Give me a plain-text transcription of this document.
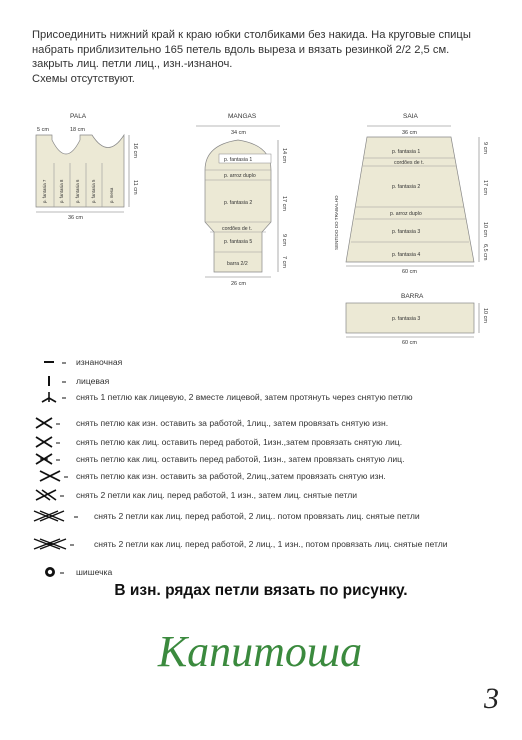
Присоединить нижний край к краю юбки столбиками без накида. На круговые спицы
набрать приблизительно 165 петель вдоль выреза и вязать резинкой 2/2 2,5 см.
закрыть лиц. петли лиц., изн.-изнаноч.
Схемы отсутствуют.
PALA
p. fantasia 7	p. fantasia 8	p. fantasia 6	p. fantasia 5	p. mesa
5 cm	18 cm
36 cm
16 cm
11 cm
MANGAS
34 cm
p. fantasia 1
p. arroz duplo
p. fantasia 2
cordões de t.
p. fantasia 5
barra 2/2
14 cm
17 cm
9 cm
7 cm
26 cm
SAIA
36 cm
p. fantasia 1
cordões de t.
p. fantasia 2
p. arroz duplo
p. fantasia 3
p. fantasia 4
SENTIDO DO TRABALHO
9 cm
17 cm
10 cm
6,5 cm
60 cm
BARRA
p. fantasia 3	10 cm
60 cm
изнаночная
лицевая
снять 1 петлю как лицевую, 2 вместе лицевой, затем протянуть через снятую петлю
снять петлю как изн. оставить за работой, 1лиц., затем провязать снятую изн.
снять петлю как лиц. оставить перед работой, 1изн.,затем провязать снятую лиц.
снять петлю как лиц. оставить перед работой, 1изн., затем провязать снятую лиц.
снять петлю как изн. оставить за работой, 2лиц.,затем провязать снятую изн.
снять 2 петли как лиц. перед работой, 1 изн., затем лиц. снятые петли
снять 2 петли как лиц. перед работой, 2 лиц.. потом провязать лиц. снятые петли
снять 2 петли как лиц. перед работой, 2 лиц., 1 изн., потом провязать лиц. снятые петли
шишечка
В изн. рядах петли вязать по рисунку.
Капитоша
3
